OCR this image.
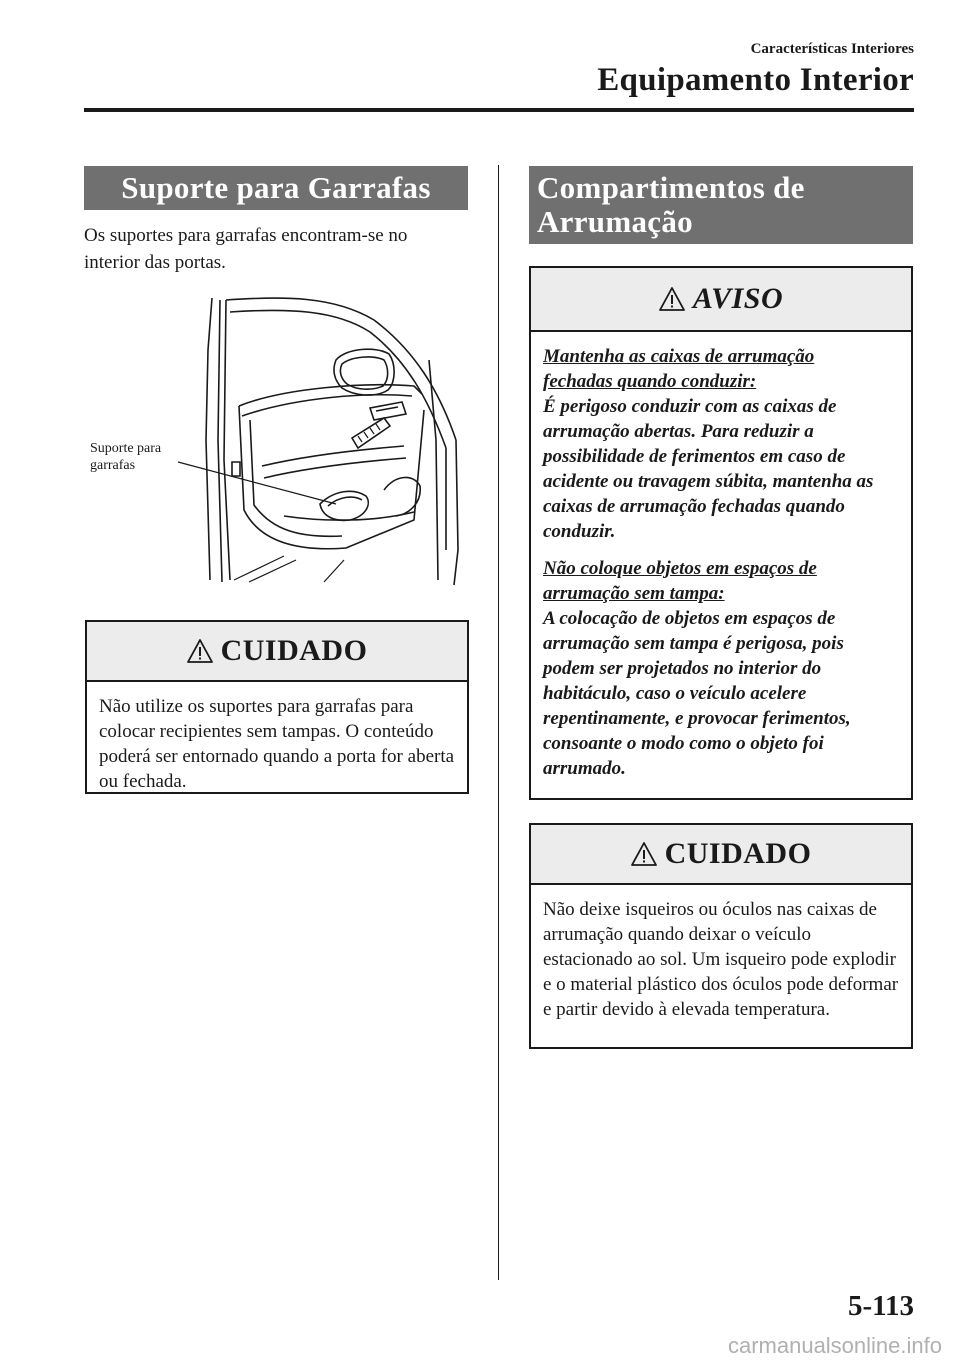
Características Interiores
Equipamento Interior
Suporte para Garrafas
Os suportes para garrafas encontram-se no interior das portas.
Suporte para
garrafas
CUIDADO

Não utilize os suportes para garrafas para colocar recipientes sem tampas. O conteúdo poderá ser entornado quando a porta for aberta ou fechada.

Compartimentos de
Arrumação
AVISO

Mantenha as caixas de arrumação

fechadas quando conduzir:

É perigoso conduzir com as caixas de arrumação abertas. Para reduzir a possibilidade de ferimentos em caso de acidente ou travagem súbita, mantenha as caixas de arrumação fechadas quando conduzir.

Não coloque objetos em espaços de

arrumação sem tampa:

A colocação de objetos em espaços de arrumação sem tampa é perigosa, pois podem ser projetados no interior do habitáculo, caso o veículo acelere repentinamente, e provocar ferimentos, consoante o modo como o objeto foi arrumado.

CUIDADO

Não deixe isqueiros ou óculos nas caixas de arrumação quando deixar o veículo estacionado ao sol. Um isqueiro pode explodir e o material plástico dos óculos pode deformar e partir devido à elevada temperatura.

5-113
carmanualsonline.info
